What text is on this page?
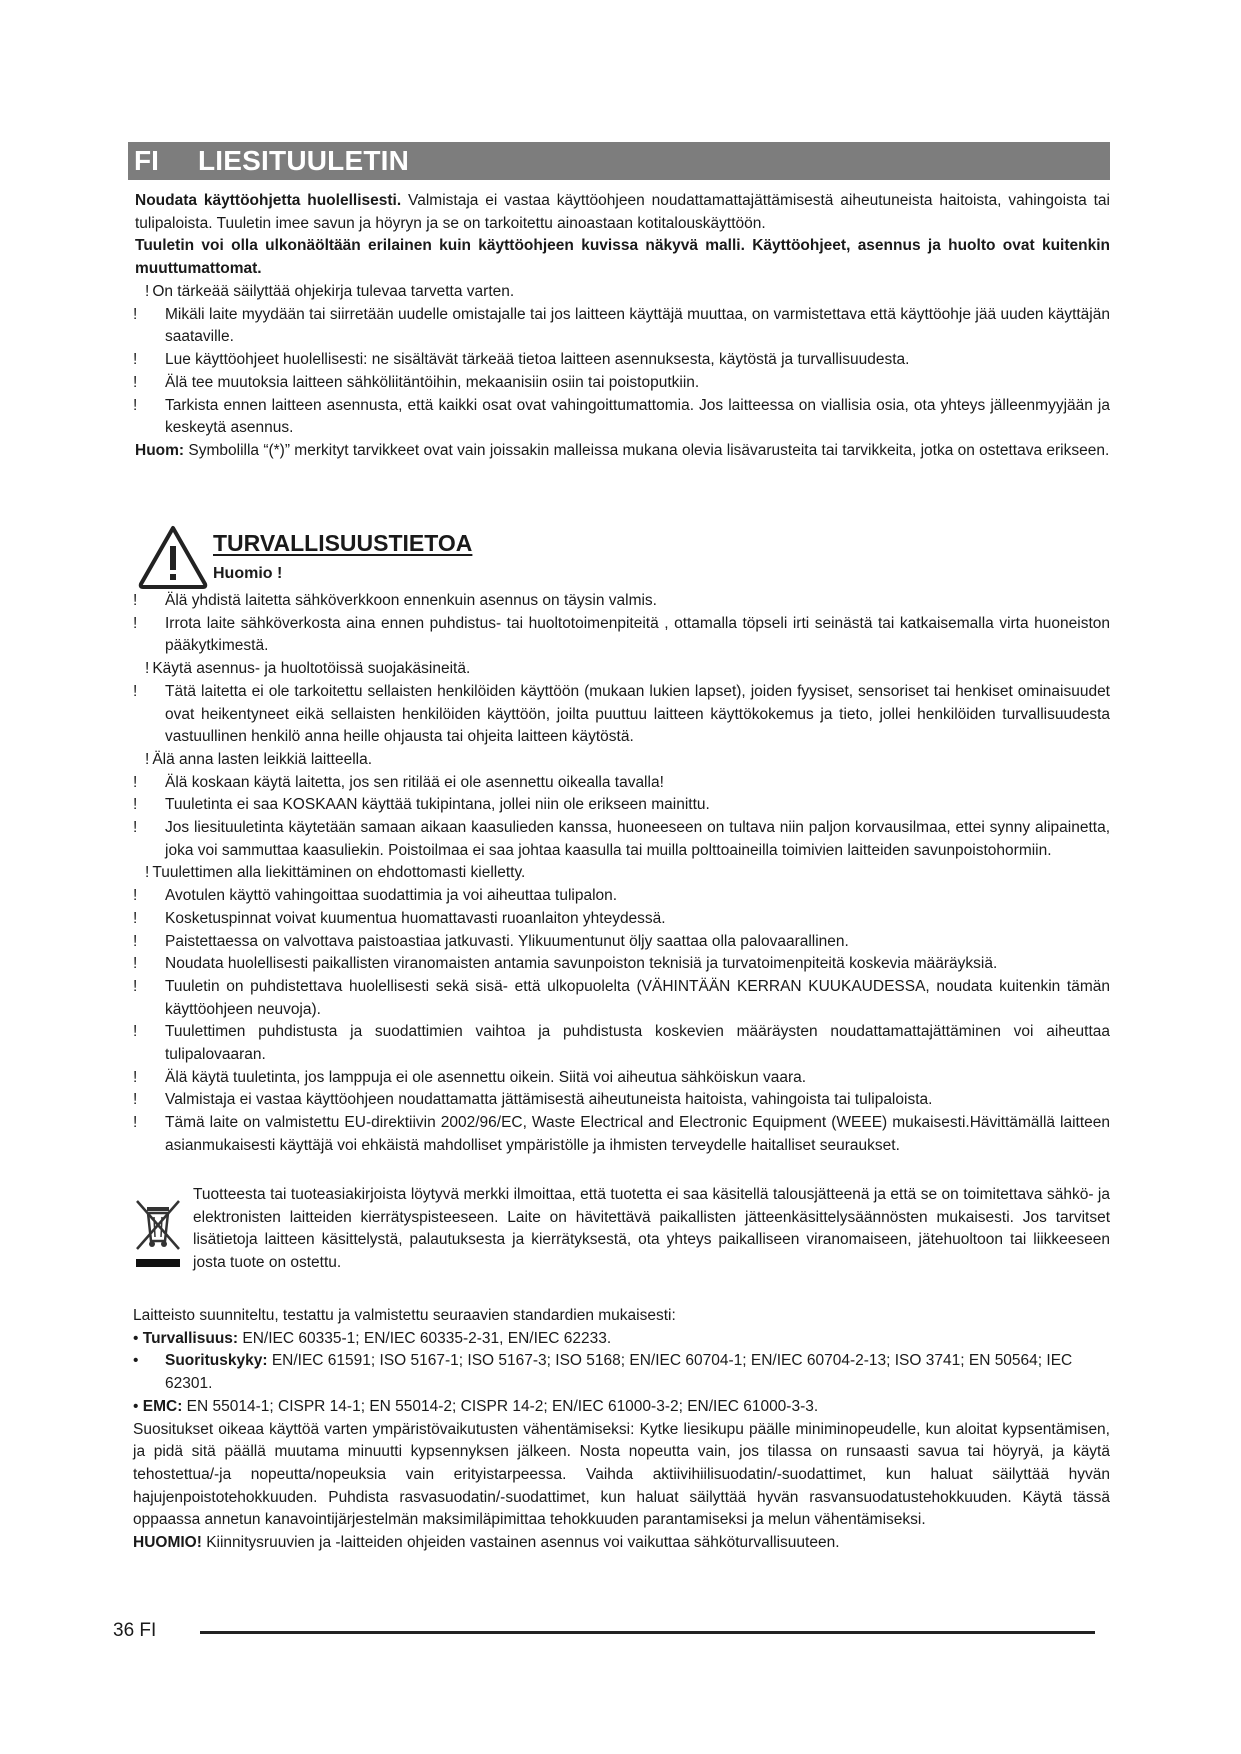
FI	LIESITUULETIN
Noudata käyttöohjetta huolellisesti. Valmistaja ei vastaa käyttöohjeen noudattamattajättämisestä aiheutuneista haitoista, vahingoista tai tulipaloista. Tuuletin imee savun ja höyryn ja se on tarkoitettu ainoastaan kotitalouskäyttöön.
Tuuletin voi olla ulkonäöltään erilainen kuin käyttöohjeen kuvissa näkyvä malli. Käyttöohjeet, asennus ja huolto ovat kuitenkin muuttumattomat.
! On tärkeää säilyttää ohjekirja tulevaa tarvetta varten.
!	Mikäli laite myydään tai siirretään uudelle omistajalle tai jos laitteen käyttäjä muuttaa, on varmistettava että käyttöohje jää uuden käyttäjän saataville.
!	Lue käyttöohjeet huolellisesti: ne sisältävät tärkeää tietoa laitteen asennuksesta, käytöstä ja turvallisuudesta.
!	Älä tee muutoksia laitteen sähköliitäntöihin, mekaanisiin osiin tai poistoputkiin.
!	Tarkista ennen laitteen asennusta, että kaikki osat ovat vahingoittumattomia. Jos laitteessa on viallisia osia, ota yhteys jälleenmyyjään ja keskeytä asennus.
Huom: Symbolilla “(*)” merkityt tarvikkeet ovat vain joissakin malleissa mukana olevia lisävarusteita tai tarvikkeita, jotka on ostettava erikseen.
TURVALLISUUSTIETOA
Huomio !
!	Älä yhdistä laitetta sähköverkkoon ennenkuin asennus on täysin valmis.
!	Irrota laite sähköverkosta aina ennen puhdistus- tai huoltotoimenpiteitä , ottamalla töpseli irti seinästä tai katkaisemalla virta huoneiston pääkytkimestä.
! Käytä asennus- ja huoltotöissä suojakäsineitä.
!	Tätä laitetta ei ole tarkoitettu sellaisten henkilöiden käyttöön (mukaan lukien lapset), joiden fyysiset, sensoriset tai henkiset ominaisuudet ovat heikentyneet eikä sellaisten henkilöiden käyttöön, joilta puuttuu laitteen käyttökokemus ja tieto, jollei henkilöiden turvallisuudesta vastuullinen henkilö anna heille ohjausta tai ohjeita laitteen käytöstä.
! Älä anna lasten leikkiä laitteella.
!	Älä koskaan käytä laitetta, jos sen ritilää ei ole asennettu oikealla tavalla!
!	Tuuletinta ei saa KOSKAAN käyttää tukipintana, jollei niin ole erikseen mainittu.
!	Jos liesituuletinta käytetään samaan aikaan kaasulieden kanssa, huoneeseen on tultava niin paljon korvausilmaa, ettei synny alipainetta, joka voi sammuttaa kaasuliekin. Poistoilmaa ei saa johtaa kaasulla tai muilla polttoaineilla toimivien laitteiden savunpoistohormiin.
! Tuulettimen alla liekittäminen on ehdottomasti kielletty.
!	Avotulen käyttö vahingoittaa suodattimia ja voi aiheuttaa tulipalon.
!	Kosketuspinnat voivat kuumentua huomattavasti ruoanlaiton yhteydessä.
!	Paistettaessa on valvottava paistoastiaa jatkuvasti. Ylikuumentunut öljy saattaa olla palovaarallinen.
!	Noudata huolellisesti paikallisten viranomaisten antamia savunpoiston teknisiä ja turvatoimenpiteitä koskevia määräyksiä.
!	Tuuletin on puhdistettava huolellisesti sekä sisä- että ulkopuolelta (VÄHINTÄÄN KERRAN KUUKAUDESSA, noudata kuitenkin tämän käyttöohjeen neuvoja).
!	Tuulettimen puhdistusta ja suodattimien vaihtoa ja puhdistusta koskevien määräysten noudattamattajättäminen voi aiheuttaa tulipalovaaran.
!	Älä käytä tuuletinta, jos lamppuja ei ole asennettu oikein. Siitä voi aiheutua sähköiskun vaara.
!	Valmistaja ei vastaa käyttöohjeen noudattamatta jättämisestä aiheutuneista haitoista, vahingoista tai tulipaloista.
!	Tämä laite on valmistettu EU-direktiivin 2002/96/EC, Waste Electrical and Electronic Equipment (WEEE) mukaisesti.Hävittämällä laitteen asianmukaisesti käyttäjä voi ehkäistä mahdolliset ympäristölle ja ihmisten terveydelle haitalliset seuraukset.
Tuotteesta tai tuoteasiakirjoista löytyvä merkki ilmoittaa, että tuotetta ei saa käsitellä talousjätteenä ja että se on toimitettava sähkö- ja elektronisten laitteiden kierrätyspisteeseen. Laite on hävitettävä paikallisten jätteenkäsittelysäännösten mukaisesti. Jos tarvitset lisätietoja laitteen käsittelystä, palautuksesta ja kierrätyksestä, ota yhteys paikalliseen viranomaiseen, jätehuoltoon tai liikkeeseen josta tuote on ostettu.
Laitteisto suunniteltu, testattu ja valmistettu seuraavien standardien mukaisesti:
• Turvallisuus: EN/IEC 60335-1; EN/IEC 60335-2-31, EN/IEC 62233.
• Suorituskyky: EN/IEC 61591; ISO 5167-1; ISO 5167-3; ISO 5168; EN/IEC 60704-1; EN/IEC 60704-2-13; ISO 3741; EN 50564; IEC 62301.
• EMC: EN 55014-1; CISPR 14-1; EN 55014-2; CISPR 14-2; EN/IEC 61000-3-2; EN/IEC 61000-3-3.
Suositukset oikeaa käyttöä varten ympäristövaikutusten vähentämiseksi: Kytke liesikupu päälle miniminopeudelle, kun aloitat kypsentämisen, ja pidä sitä päällä muutama minuutti kypsennyksen jälkeen. Nosta nopeutta vain, jos tilassa on runsaasti savua tai höyryä, ja käytä tehostettua/-ja nopeutta/nopeuksia vain erityistarpeessa. Vaihda aktiivihiilisuodatin/-suodattimet, kun haluat säilyttää hyvän hajujenpoistotehokkuuden. Puhdista rasvasuodatin/-suodattimet, kun haluat säilyttää hyvän rasvansuodatustehokkuuden. Käytä tässä oppaassa annetun kanavointijärjestelmän maksimiläpimittaa tehokkuuden parantamiseksi ja melun vähentämiseksi.
HUOMIO! Kiinnitysruuvien ja -laitteiden ohjeiden vastainen asennus voi vaikuttaa sähköturvallisuuteen.
36 FI
